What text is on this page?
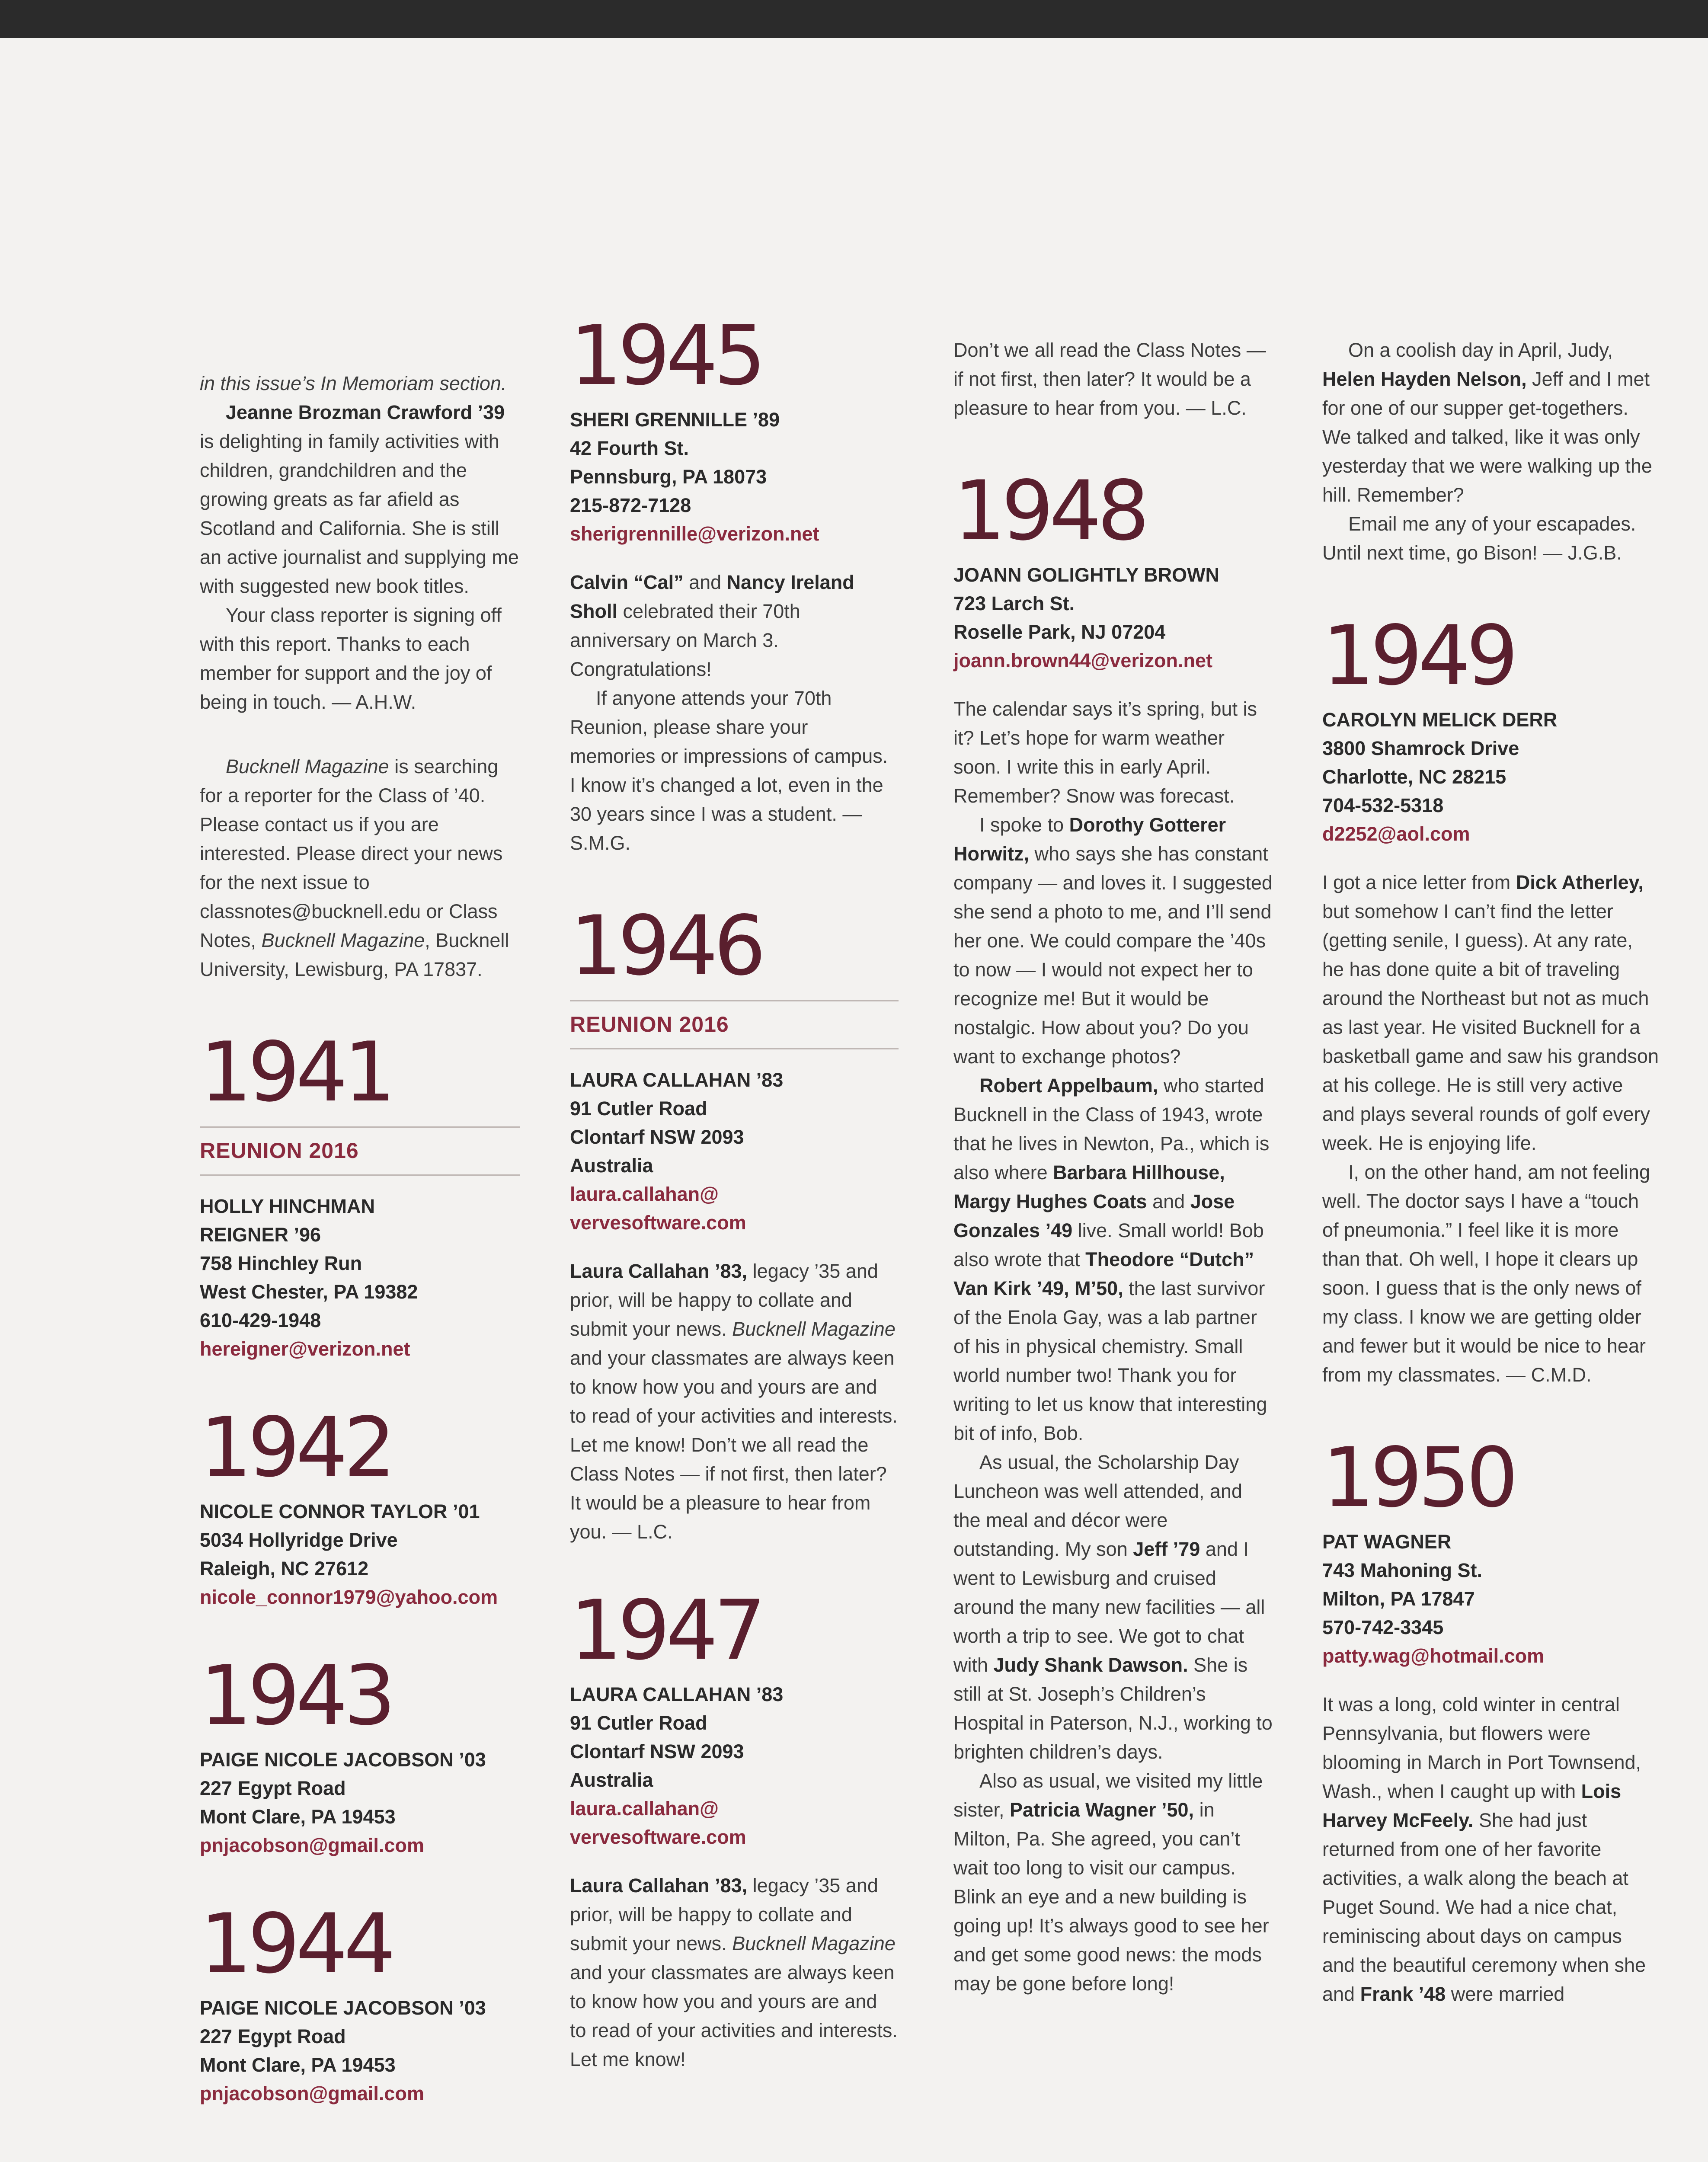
in this issue’s In Memoriam section.

Jeanne Brozman Crawford ’39 is delighting in family activities with children, grandchildren and the growing greats as far afield as Scotland and California. She is still an active journalist and supplying me with suggested new book titles.

Your class reporter is signing off with this report. Thanks to each member for support and the joy of being in touch. — A.H.W.

Bucknell Magazine is searching for a reporter for the Class of ’40. Please contact us if you are interested. Please direct your news for the next issue to classnotes@bucknell.edu or Class Notes, Bucknell Magazine, Bucknell University, Lewisburg, PA 17837.

1941
REUNION 2016
HOLLY HINCHMAN
REIGNER ’96
758 Hinchley Run
West Chester, PA 19382
610-429-1948
hereigner@verizon.net
1942
NICOLE CONNOR TAYLOR ’01
5034 Hollyridge Drive
Raleigh, NC 27612
nicole_connor1979@yahoo.com
1943
PAIGE NICOLE JACOBSON ’03
227 Egypt Road
Mont Clare, PA 19453
pnjacobson@gmail.com
1944
PAIGE NICOLE JACOBSON ’03
227 Egypt Road
Mont Clare, PA 19453
pnjacobson@gmail.com
1945
SHERI GRENNILLE ’89
42 Fourth St.
Pennsburg, PA 18073
215-872-7128
sherigrennille@verizon.net

Calvin “Cal” and Nancy Ireland Sholl celebrated their 70th anniversary on March 3. Congratulations!

If anyone attends your 70th Reunion, please share your memories or impressions of campus. I know it’s changed a lot, even in the 30 years since I was a student. — S.M.G.

1946
REUNION 2016
LAURA CALLAHAN ’83
91 Cutler Road
Clontarf NSW 2093
Australia
laura.callahan@
vervesoftware.com

Laura Callahan ’83, legacy ’35 and prior, will be happy to collate and submit your news. Bucknell Magazine and your classmates are always keen to know how you and yours are and to read of your activities and interests. Let me know! Don’t we all read the Class Notes — if not first, then later? It would be a pleasure to hear from you. — L.C.

1947
LAURA CALLAHAN ’83
91 Cutler Road
Clontarf NSW 2093
Australia
laura.callahan@
vervesoftware.com

Laura Callahan ’83, legacy ’35 and prior, will be happy to collate and submit your news. Bucknell Magazine and your classmates are always keen to know how you and yours are and to read of your activities and interests. Let me know!

Don’t we all read the Class Notes — if not first, then later? It would be a pleasure to hear from you. — L.C.

1948
JOANN GOLIGHTLY BROWN
723 Larch St.
Roselle Park, NJ 07204
joann.brown44@verizon.net

The calendar says it’s spring, but is it? Let’s hope for warm weather soon. I write this in early April. Remember? Snow was forecast.

I spoke to Dorothy Gotterer Horwitz, who says she has constant company — and loves it. I suggested she send a photo to me, and I’ll send her one. We could compare the ’40s to now — I would not expect her to recognize me! But it would be nostalgic. How about you? Do you want to exchange photos?

Robert Appelbaum, who started Bucknell in the Class of 1943, wrote that he lives in Newton, Pa., which is also where Barbara Hillhouse, Margy Hughes Coats and Jose Gonzales ’49 live. Small world! Bob also wrote that Theodore “Dutch” Van Kirk ’49, M’50, the last survivor of the Enola Gay, was a lab partner of his in physical chemistry. Small world number two! Thank you for writing to let us know that interesting bit of info, Bob.

As usual, the Scholarship Day Luncheon was well attended, and the meal and décor were outstanding. My son Jeff ’79 and I went to Lewisburg and cruised around the many new facilities — all worth a trip to see. We got to chat with Judy Shank Dawson. She is still at St. Joseph’s Children’s Hospital in Paterson, N.J., working to brighten children’s days.

Also as usual, we visited my little sister, Patricia Wagner ’50, in Milton, Pa. She agreed, you can’t wait too long to visit our campus. Blink an eye and a new building is going up! It’s always good to see her and get some good news: the mods may be gone before long!

On a coolish day in April, Judy, Helen Hayden Nelson, Jeff and I met for one of our supper get-togethers. We talked and talked, like it was only yesterday that we were walking up the hill. Remember?

Email me any of your escapades. Until next time, go Bison! — J.G.B.

1949
CAROLYN MELICK DERR
3800 Shamrock Drive
Charlotte, NC 28215
704-532-5318
d2252@aol.com

I got a nice letter from Dick Atherley, but somehow I can’t find the letter (getting senile, I guess). At any rate, he has done quite a bit of traveling around the Northeast but not as much as last year. He visited Bucknell for a basketball game and saw his grandson at his college. He is still very active and plays several rounds of golf every week. He is enjoying life.

I, on the other hand, am not feeling well. The doctor says I have a “touch of pneumonia.” I feel like it is more than that. Oh well, I hope it clears up soon. I guess that is the only news of my class. I know we are getting older and fewer but it would be nice to hear from my classmates. — C.M.D.

1950
PAT WAGNER
743 Mahoning St.
Milton, PA 17847
570-742-3345
patty.wag@hotmail.com

It was a long, cold winter in central Pennsylvania, but flowers were blooming in March in Port Townsend, Wash., when I caught up with Lois Harvey McFeely. She had just returned from one of her favorite activities, a walk along the beach at Puget Sound. We had a nice chat, reminiscing about days on campus and the beautiful ceremony when she and Frank ’48 were married
